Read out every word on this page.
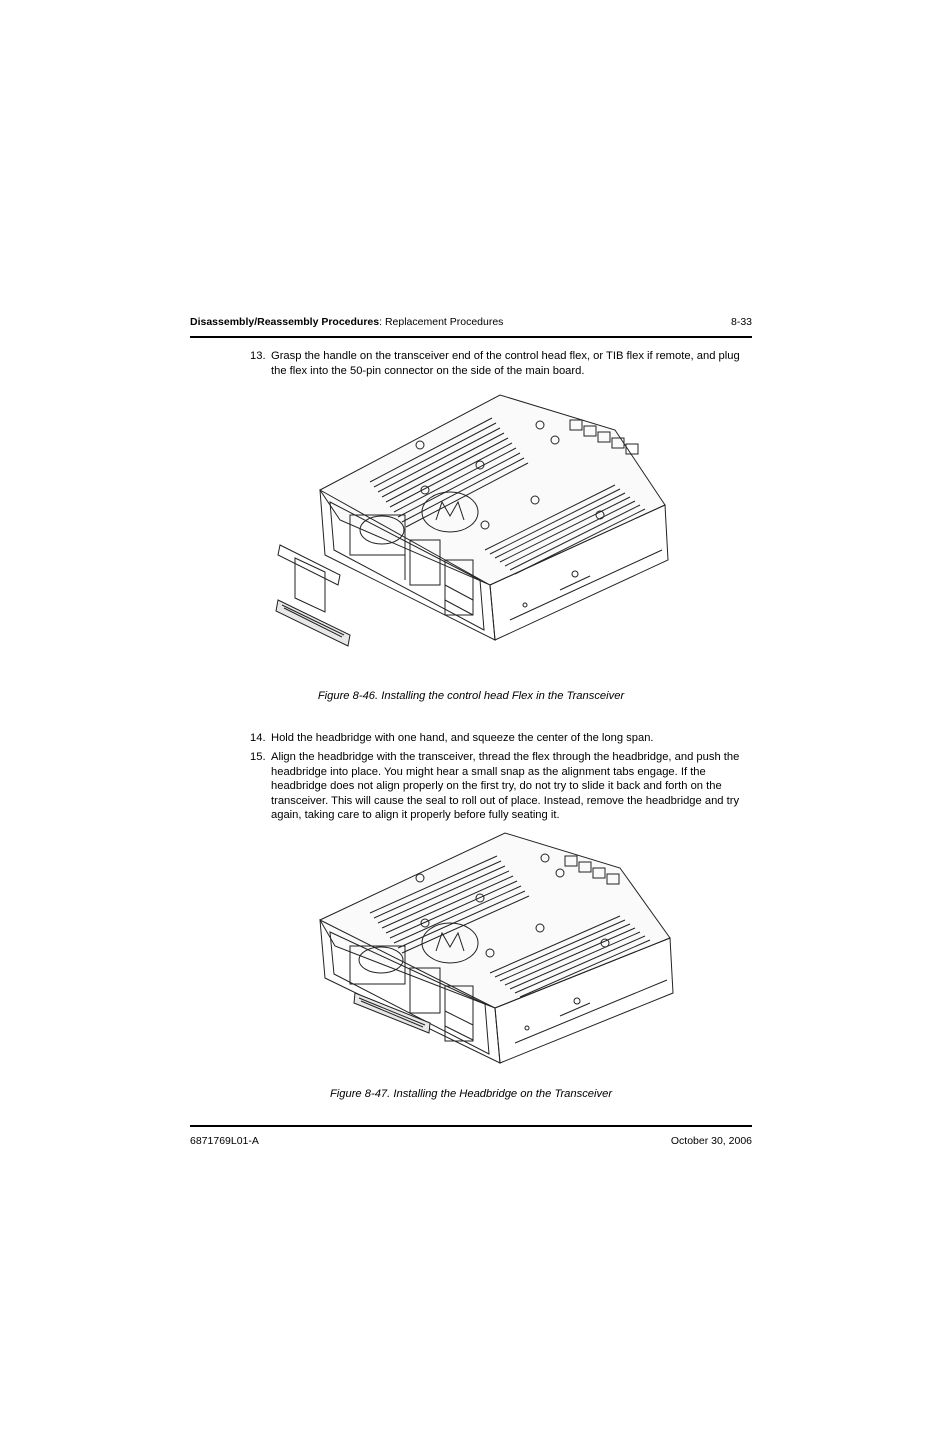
Disassembly/Reassembly Procedures: Replacement Procedures	8-33
13. Grasp the handle on the transceiver end of the control head flex, or TIB flex if remote, and plug the flex into the 50-pin connector on the side of the main board.
Figure 8-46. Installing the control head Flex in the Transceiver
14. Hold the headbridge with one hand, and squeeze the center of the long span.
15. Align the headbridge with the transceiver, thread the flex through the headbridge, and push the headbridge into place. You might hear a small snap as the alignment tabs engage. If the headbridge does not align properly on the first try, do not try to slide it back and forth on the transceiver. This will cause the seal to roll out of place. Instead, remove the headbridge and try again, taking care to align it properly before fully seating it.
Figure 8-47. Installing the Headbridge on the Transceiver
6871769L01-A	October 30, 2006
